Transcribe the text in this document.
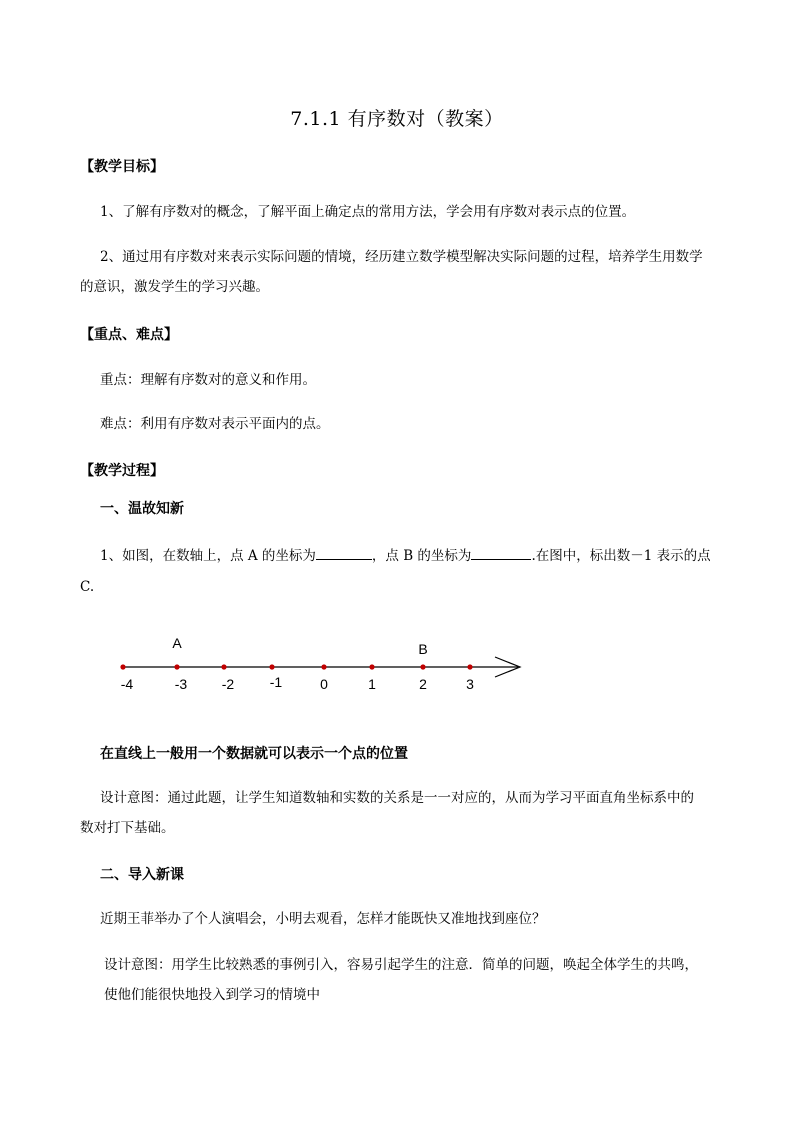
7.1.1 有序数对（教案）
【教学目标】
1、了解有序数对的概念，了解平面上确定点的常用方法，学会用有序数对表示点的位置。
2、通过用有序数对来表示实际问题的情境，经历建立数学模型解决实际问题的过程，培养学生用数学
的意识，激发学生的学习兴趣。
【重点、难点】
重点：理解有序数对的意义和作用。
难点：利用有序数对表示平面内的点。
【教学过程】
一、温故知新
1、如图，在数轴上，点 A 的坐标为	，点 B 的坐标为	.在图中，标出数－1 表示的点
C.
-4	-3 -2	-1	0	1	2	3
A	B
在直线上一般用一个数据就可以表示一个点的位置
设计意图：通过此题，让学生知道数轴和实数的关系是一一对应的，从而为学习平面直角坐标系中的
数对打下基础。
二、导入新课
近期王菲举办了个人演唱会，小明去观看，怎样才能既快又准地找到座位？
设计意图：用学生比较熟悉的事例引入，容易引起学生的注意．简单的问题，唤起全体学生的共鸣，
使他们能很快地投入到学习的情境中
